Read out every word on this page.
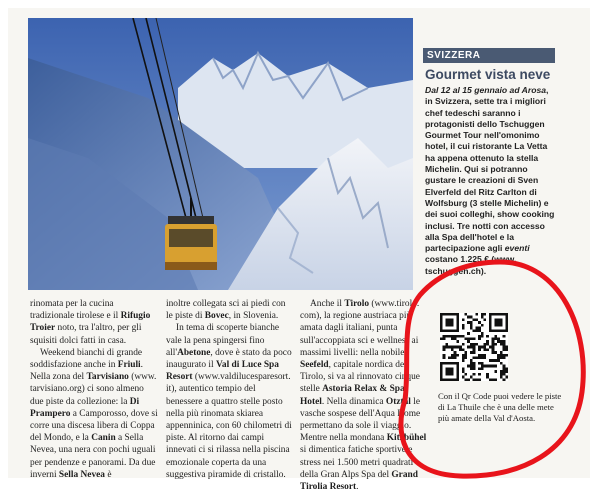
SVIZZERA
Gourmet vista neve

Dal 12 al 15 gennaio ad Arosa, in Svizzera, sette tra i migliori chef tedeschi saranno i protagonisti dello Tschuggen Gourmet Tour nell'omonimo hotel, il cui ristorante La Vetta ha appena ottenuto la stella Michelin. Qui si potranno gustare le creazioni di Sven Elverfeld del Ritz Carlton di Wolfsburg (3 stelle Michelin) e dei suoi colleghi, show cooking inclusi. Tre notti con accesso alla Spa dell'hotel e la partecipazione agli eventi costano 1.225 € (www. tschuggen.ch).

rinomata per la cucina tradizionale tirolese e il Rifugio Troier noto, tra l'altro, per gli squisiti dolci fatti in casa.

Weekend bianchi di grande soddisfazione anche in Friuli. Nella zona del Tarvisiano (www. tarvisiano.org) ci sono almeno due piste da collezione: la Di Prampero a Camporosso, dove si corre una discesa libera di Coppa del Mondo, e la Canin a Sella Nevea, una nera con pochi uguali per pendenze e panorami. Da due inverni Sella Nevea è

inoltre collegata sci ai piedi con le piste di Bovec, in Slovenia.

In tema di scoperte bianche vale la pena spingersi fino all'Abetone, dove è stato da poco inaugurato il Val di Luce Spa Resort (www.valdilucesparesort. it), autentico tempio del benessere a quattro stelle posto nella più rinomata skiarea appenninica, con 60 chilometri di piste. Al ritorno dai campi innevati ci si rilassa nella piscina emozionale coperta da una suggestiva piramide di cristallo.

Anche il Tirolo (www.tirolo. com), la regione austriaca più amata dagli italiani, punta sull'accoppiata sci e wellness ai massimi livelli: nella nobile Seefeld, capitale nordica del Tirolo, si va al rinnovato cinque stelle Astoria Relax & Spa Hotel. Nella dinamica Otztal le vasche sospese dell'Aqua Dome permettano da sole il viaggio. Mentre nella mondana Kitzbühel si dimentica fatiche sportive e stress nei 1.500 metri quadrati della Gran Alps Spa del Grand Tirolia Resort.

Con il Qr Code puoi vedere le piste di La Thuile che è una delle mete più amate della Val d'Aosta.
